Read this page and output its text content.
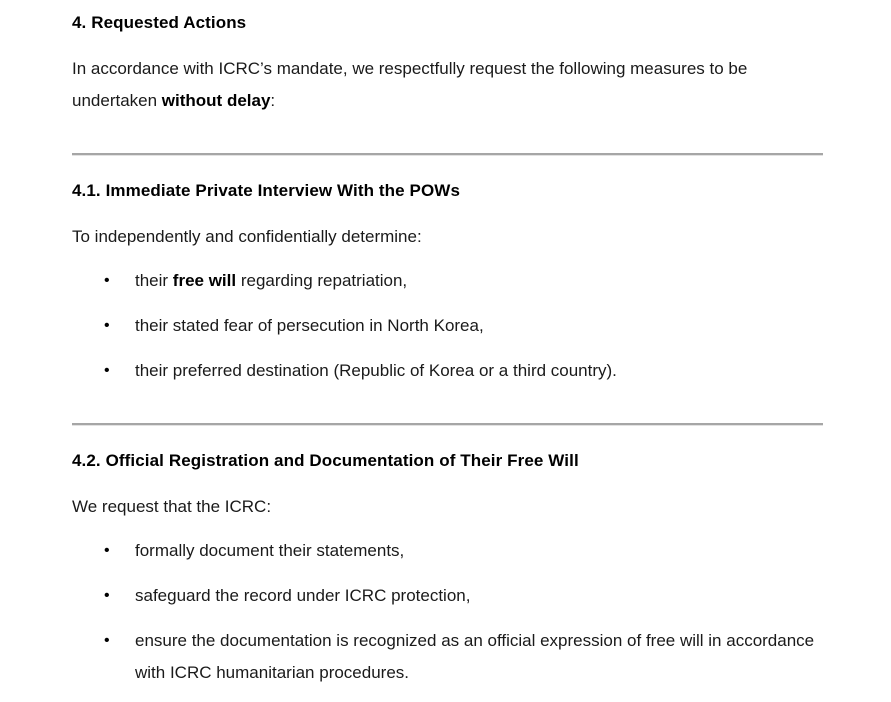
4. Requested Actions

In accordance with ICRC’s mandate, we respectfully request the following measures to be undertaken without delay:

4.1. Immediate Private Interview With the POWs

To independently and confidentially determine:

• their free will regarding repatriation,
• their stated fear of persecution in North Korea,
• their preferred destination (Republic of Korea or a third country).
4.2. Official Registration and Documentation of Their Free Will

We request that the ICRC:

• formally document their statements,
• safeguard the record under ICRC protection,
• ensure the documentation is recognized as an official expression of free will in accordance with ICRC humanitarian procedures.
